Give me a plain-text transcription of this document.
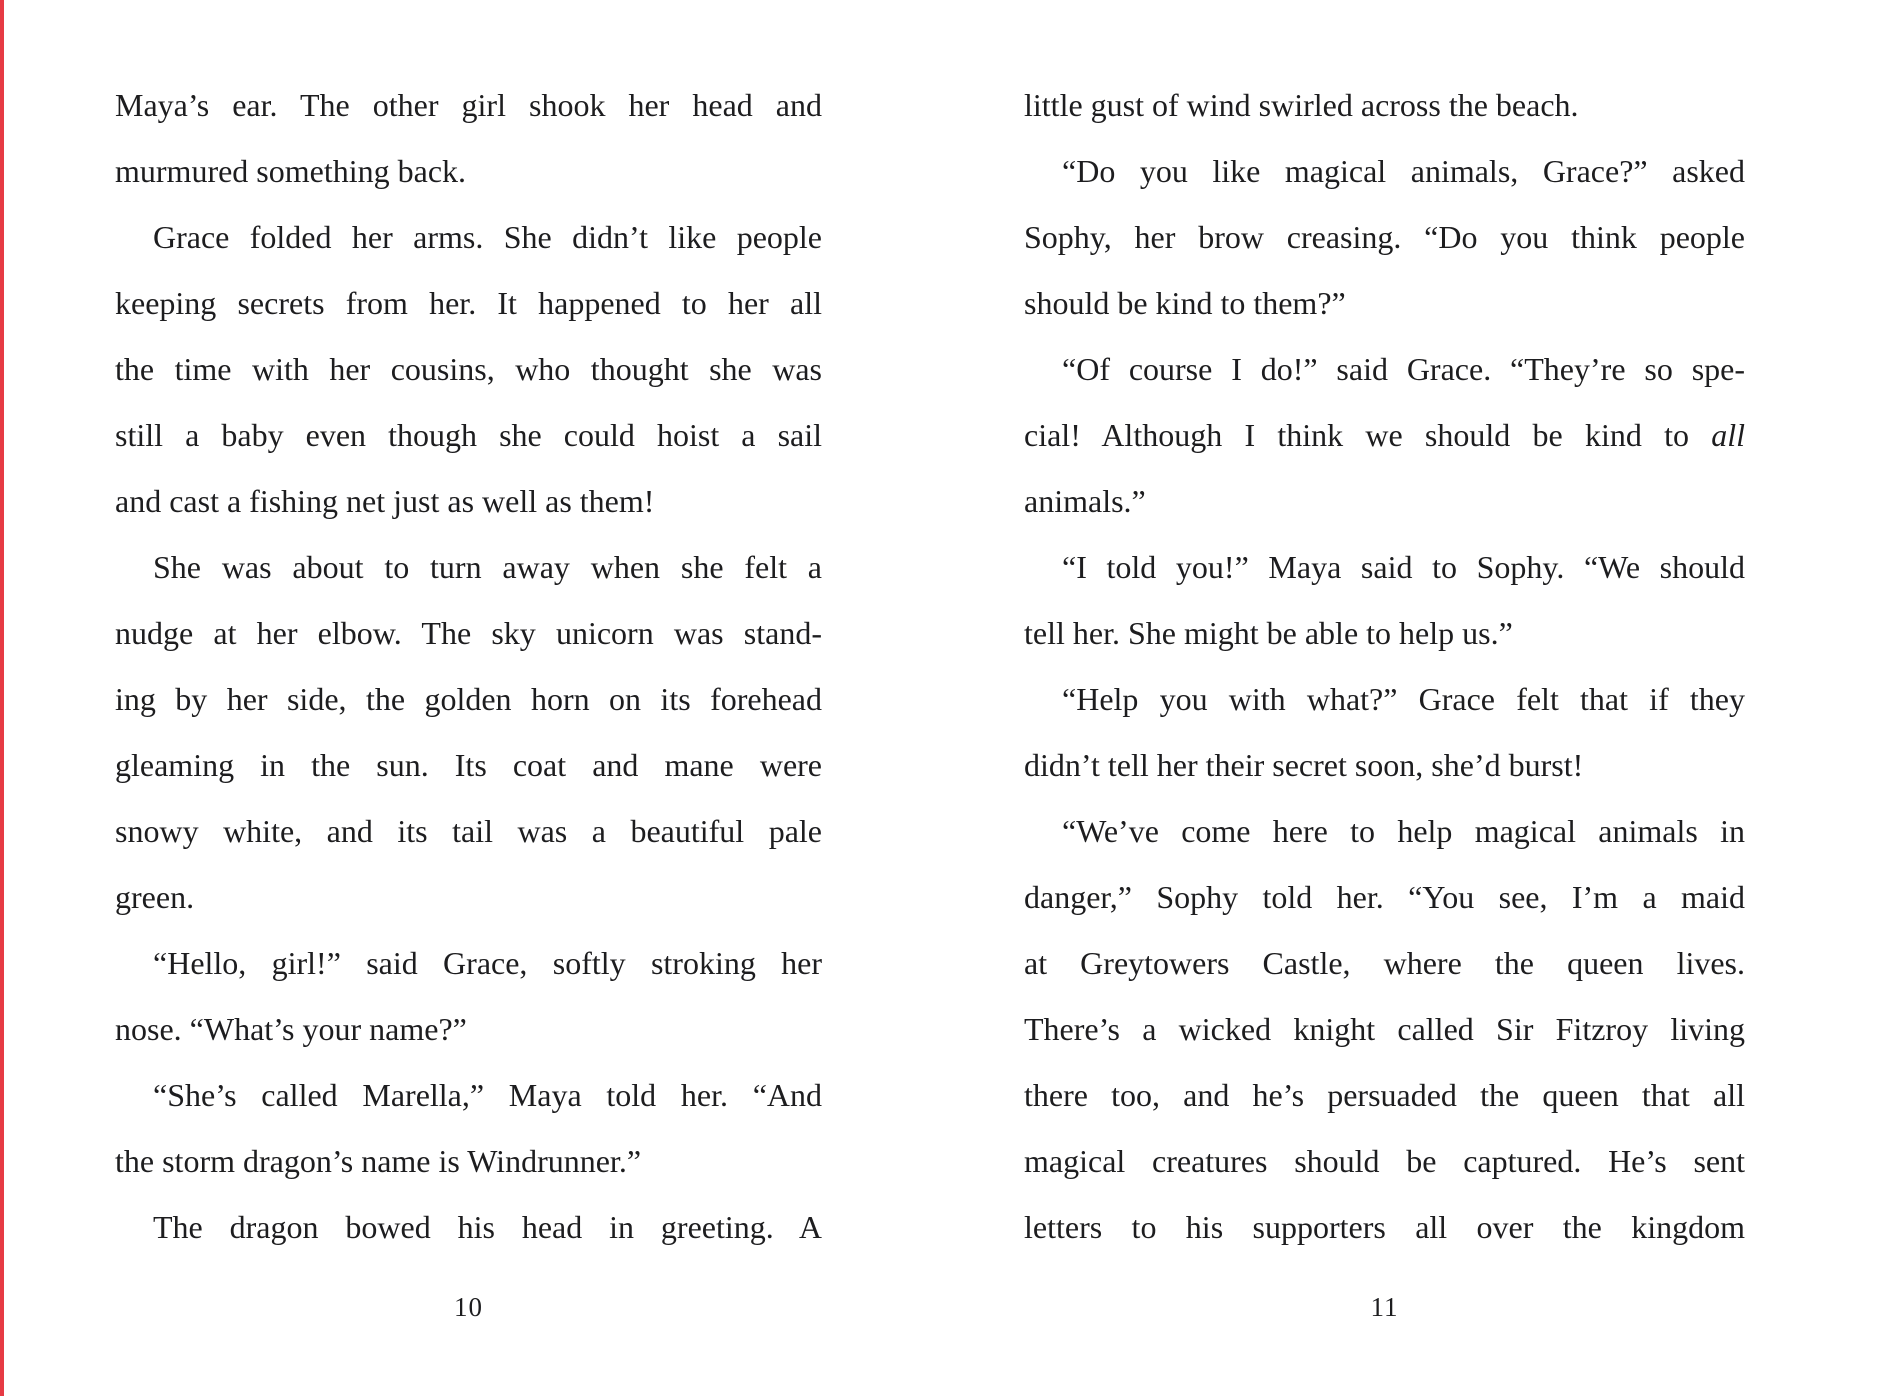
Maya’s ear. The other girl shook her head and
murmured something back.
Grace folded her arms. She didn’t like people
keeping secrets from her. It happened to her all
the time with her cousins, who thought she was
still a baby even though she could hoist a sail
and cast a fishing net just as well as them!
She was about to turn away when she felt a
nudge at her elbow. The sky unicorn was stand-
ing by her side, the golden horn on its forehead
gleaming in the sun. Its coat and mane were
snowy white, and its tail was a beautiful pale
green.
“Hello, girl!” said Grace, softly stroking her
nose. “What’s your name?”
“She’s called Marella,” Maya told her. “And
the storm dragon’s name is Windrunner.”
The dragon bowed his head in greeting. A
10
little gust of wind swirled across the beach.
“Do you like magical animals, Grace?” asked
Sophy, her brow creasing. “Do you think people
should be kind to them?”
“Of course I do!” said Grace. “They’re so spe-
cial! Although I think we should be kind to all
animals.”
“I told you!” Maya said to Sophy. “We should
tell her. She might be able to help us.”
“Help you with what?” Grace felt that if they
didn’t tell her their secret soon, she’d burst!
“We’ve come here to help magical animals in
danger,” Sophy told her. “You see, I’m a maid
at Greytowers Castle, where the queen lives.
There’s a wicked knight called Sir Fitzroy living
there too, and he’s persuaded the queen that all
magical creatures should be captured. He’s sent
letters to his supporters all over the kingdom
11
